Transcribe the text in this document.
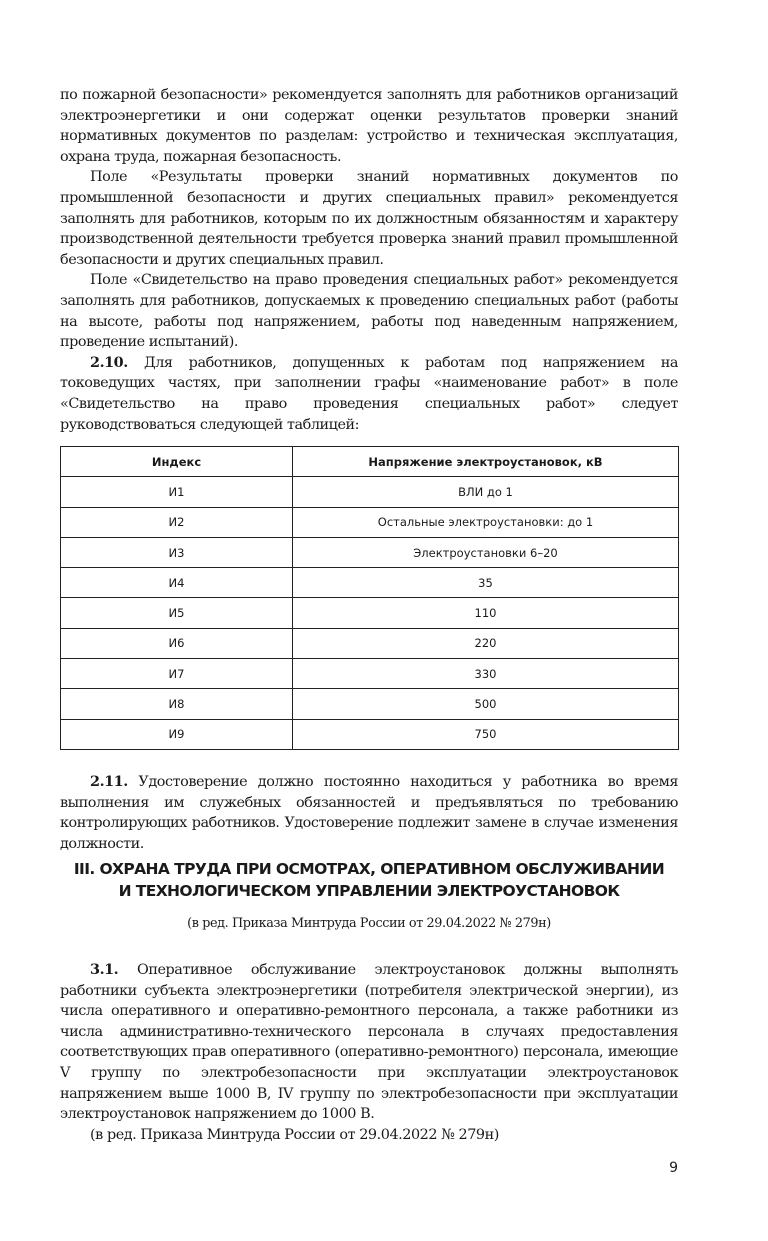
по пожарной безопасности» рекомендуется заполнять для работников организаций электроэнергетики и они содержат оценки результатов проверки знаний нормативных документов по разделам: устройство и техническая эксплуатация, охрана труда, пожарная безопасность.

Поле «Результаты проверки знаний нормативных документов по промышленной безопасности и других специальных правил» рекомендуется заполнять для работников, которым по их должностным обязанностям и характеру производственной деятельности требуется проверка знаний правил промышленной безопасности и других специальных правил.

Поле «Свидетельство на право проведения специальных работ» рекомендуется заполнять для работников, допускаемых к проведению специальных работ (работы на высоте, работы под напряжением, работы под наведенным напряжением, проведение испытаний).

2.10. Для работников, допущенных к работам под напряжением на токоведущих частях, при заполнении графы «наименование работ» в поле «Свидетельство на право проведения специальных работ» следует руководствоваться следующей таблицей:

Индекс	Напряжение электроустановок, кВ
И1	ВЛИ до 1
И2	Остальные электроустановки: до 1
И3	Электроустановки 6–20
И4	35
И5	110
И6	220
И7	330
И8	500
И9	750

2.11. Удостоверение должно постоянно находиться у работника во время выполнения им служебных обязанностей и предъявляться по требованию контролирующих работников. Удостоверение подлежит замене в случае изменения должности.

III. ОХРАНА ТРУДА ПРИ ОСМОТРАХ, ОПЕРАТИВНОМ ОБСЛУЖИВАНИИ
И ТЕХНОЛОГИЧЕСКОМ УПРАВЛЕНИИ ЭЛЕКТРОУСТАНОВОК
(в ред. Приказа Минтруда России от 29.04.2022 № 279н)

3.1. Оперативное обслуживание электроустановок должны выполнять работники субъекта электроэнергетики (потребителя электрической энергии), из числа оперативного и оперативно-ремонтного персонала, а также работники из числа административно-технического персонала в случаях предоставления соответствующих прав оперативного (оперативно-ремонтного) персонала, имеющие V группу по электробезопасности при эксплуатации электроустановок напряжением выше 1000 В, IV группу по электробезопасности при эксплуатации электроустановок напряжением до 1000 В.

(в ред. Приказа Минтруда России от 29.04.2022 № 279н)

9
